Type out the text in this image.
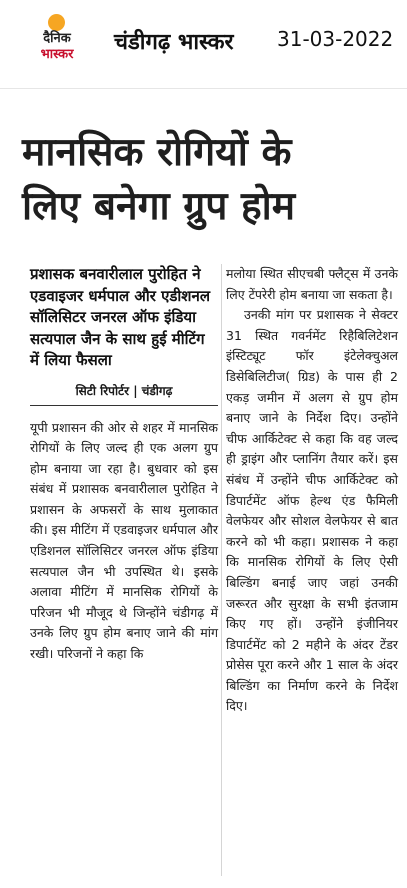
दैनिक
भास्कर	चंडीगढ़ भास्कर 31-03-2022
मानसिक रोगियों के
लिए बनेगा ग्रुप होम

प्रशासक बनवारीलाल पुरोहित ने एडवाइजर धर्मपाल और एडीशनल सॉलिसिटर जनरल ऑफ इंडिया सत्यपाल जैन के साथ हुई मीटिंग में लिया फैसला

सिटी रिपोर्टर | चंडीगढ़

यूपी प्रशासन की ओर से शहर में मानसिक रोगियों के लिए जल्द ही एक अलग ग्रुप होम बनाया जा रहा है। बुधवार को इस संबंध में प्रशासक बनवारीलाल पुरोहित ने प्रशासन के अफसरों के साथ मुलाकात की। इस मीटिंग में एडवाइजर धर्मपाल और एडिशनल सॉलिसिटर जनरल ऑफ इंडिया सत्यपाल जैन भी उपस्थित थे। इसके अलावा मीटिंग में मानसिक रोगियों के परिजन भी मौजूद थे जिन्होंने चंडीगढ़ में उनके लिए ग्रुप होम बनाए जाने की मांग रखी। परिजनों ने कहा कि

मलोया स्थित सीएचबी फ्लैट्स में उनके लिए टेंपरेरी होम बनाया जा सकता है।

उनकी मांग पर प्रशासक ने सेक्टर 31 स्थित गवर्नमेंट रिहैबिलिटेशन इंस्टिट्यूट फॉर इंटेलेक्चुअल डिसेबिलिटीज( ग्रिड) के पास ही 2 एकड़ जमीन में अलग से ग्रुप होम बनाए जाने के निर्देश दिए। उन्होंने चीफ आर्किटेक्ट से कहा कि वह जल्द ही ड्राइंग और प्लानिंग तैयार करें। इस संबंध में उन्होंने चीफ आर्किटेक्ट को डिपार्टमेंट ऑफ हेल्थ एंड फैमिली वेलफेयर और सोशल वेलफेयर से बात करने को भी कहा। प्रशासक ने कहा कि मानसिक रोगियों के लिए ऐसी बिल्डिंग बनाई जाए जहां उनकी जरूरत और सुरक्षा के सभी इंतजाम किए गए हों। उन्होंने इंजीनियर डिपार्टमेंट को 2 महीने के अंदर टेंडर प्रोसेस पूरा करने और 1 साल के अंदर बिल्डिंग का निर्माण करने के निर्देश दिए।
